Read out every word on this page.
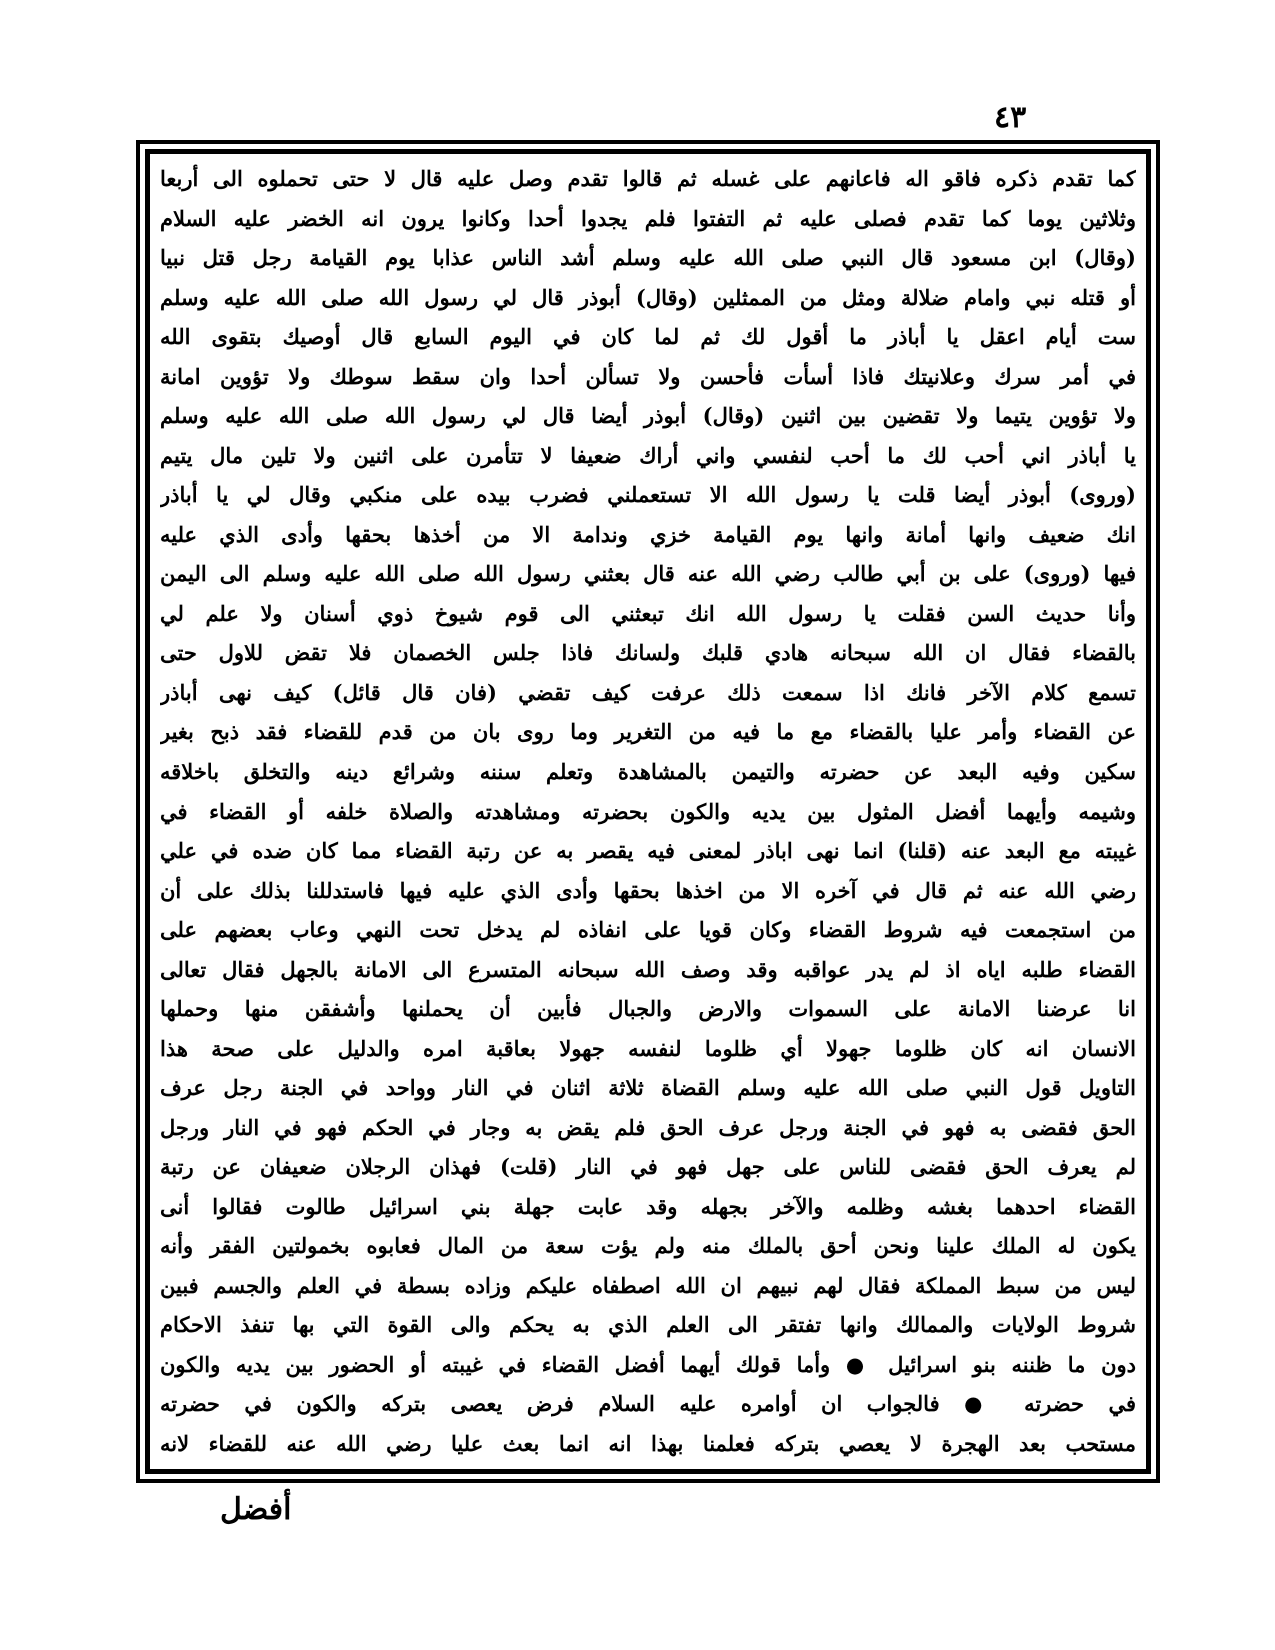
٤٣
كما تقدم ذكره فاقو اله فاعانهم على غسله ثم قالوا تقدم وصل عليه قال لا حتى تحملوه الى أربعا
وثلاثين يوما كما تقدم فصلى عليه ثم التفتوا فلم يجدوا أحدا وكانوا يرون انه الخضر عليه السلام
(وقال) ابن مسعود قال النبي صلى الله عليه وسلم أشد الناس عذابا يوم القيامة رجل قتل نبيا
أو قتله نبي وامام ضلالة ومثل من الممثلين (وقال) أبوذر قال لي رسول الله صلى الله عليه وسلم
ست أيام اعقل يا أباذر ما أقول لك ثم لما كان في اليوم السابع قال أوصيك بتقوى الله
في أمر سرك وعلانيتك فاذا أسأت فأحسن ولا تسألن أحدا وان سقط سوطك ولا تؤوين امانة
ولا تؤوين يتيما ولا تقضين بين اثنين (وقال) أبوذر أيضا قال لي رسول الله صلى الله عليه وسلم
يا أباذر اني أحب لك ما أحب لنفسي واني أراك ضعيفا لا تتأمرن على اثنين ولا تلين مال يتيم
(وروى) أبوذر أيضا قلت يا رسول الله الا تستعملني فضرب بيده على منكبي وقال لي يا أباذر
انك ضعيف وانها أمانة وانها يوم القيامة خزي وندامة الا من أخذها بحقها وأدى الذي عليه
فيها (وروى) على بن أبي طالب رضي الله عنه قال بعثني رسول الله صلى الله عليه وسلم الى اليمن
وأنا حديث السن فقلت يا رسول الله انك تبعثني الى قوم شيوخ ذوي أسنان ولا علم لي
بالقضاء فقال ان الله سبحانه هادي قلبك ولسانك فاذا جلس الخصمان فلا تقض للاول حتى
تسمع كلام الآخر فانك اذا سمعت ذلك عرفت كيف تقضي (فان قال قائل) كيف نهى أباذر
عن القضاء وأمر عليا بالقضاء مع ما فيه من التغرير وما روى بان من قدم للقضاء فقد ذبح بغير
سكين وفيه البعد عن حضرته والتيمن بالمشاهدة وتعلم سننه وشرائع دينه والتخلق باخلاقه
وشيمه وأيهما أفضل المثول بين يديه والكون بحضرته ومشاهدته والصلاة خلفه أو القضاء في
غيبته مع البعد عنه (قلنا) انما نهى اباذر لمعنى فيه يقصر به عن رتبة القضاء مما كان ضده في علي
رضي الله عنه ثم قال في آخره الا من اخذها بحقها وأدى الذي عليه فيها فاستدللنا بذلك على أن
من استجمعت فيه شروط القضاء وكان قويا على انفاذه لم يدخل تحت النهي وعاب بعضهم على
القضاء طلبه اياه اذ لم يدر عواقبه وقد وصف الله سبحانه المتسرع الى الامانة بالجهل فقال تعالى
انا عرضنا الامانة على السموات والارض والجبال فأبين أن يحملنها وأشفقن منها وحملها
الانسان انه كان ظلوما جهولا أي ظلوما لنفسه جهولا بعاقبة امره والدليل على صحة هذا
التاويل قول النبي صلى الله عليه وسلم القضاة ثلاثة اثنان في النار وواحد في الجنة رجل عرف
الحق فقضى به فهو في الجنة ورجل عرف الحق فلم يقض به وجار في الحكم فهو في النار ورجل
لم يعرف الحق فقضى للناس على جهل فهو في النار (قلت) فهذان الرجلان ضعيفان عن رتبة
القضاء احدهما بغشه وظلمه والآخر بجهله وقد عابت جهلة بني اسرائيل طالوت فقالوا أنى
يكون له الملك علينا ونحن أحق بالملك منه ولم يؤت سعة من المال فعابوه بخمولتين الفقر وأنه
ليس من سبط المملكة فقال لهم نبيهم ان الله اصطفاه عليكم وزاده بسطة في العلم والجسم فبين
شروط الولايات والممالك وانها تفتقر الى العلم الذي به يحكم والى القوة التي بها تنفذ الاحكام
دون ما ظننه بنو اسرائيل ● وأما قولك أيهما أفضل القضاء في غيبته أو الحضور بين يديه والكون
في حضرته ● فالجواب ان أوامره عليه السلام فرض يعصى بتركه والكون في حضرته
مستحب بعد الهجرة لا يعصي بتركه فعلمنا بهذا انه انما بعث عليا رضي الله عنه للقضاء لانه
أفضل
